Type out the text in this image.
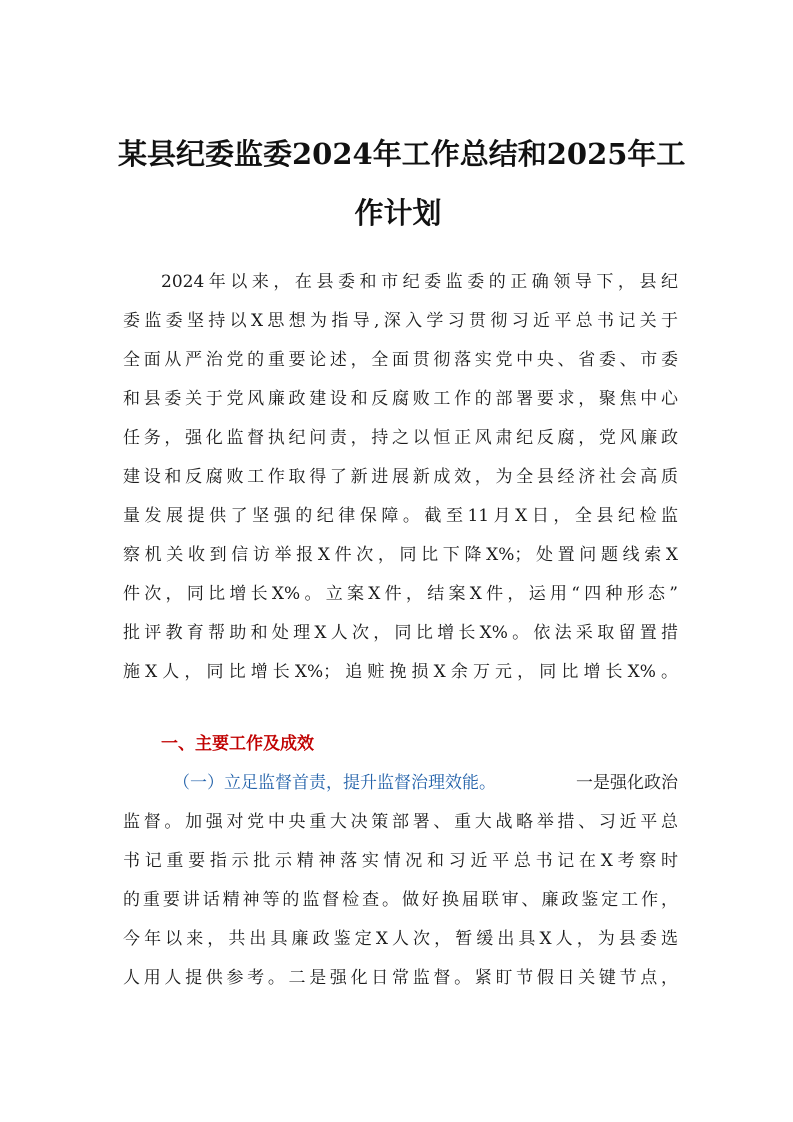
某县纪委监委2024年工作总结和2025年工
作计划

2024年以来，在县委和市纪委监委的正确领导下，县纪

委监委坚持以X思想为指导,深入学习贯彻习近平总书记关于

全面从严治党的重要论述，全面贯彻落实党中央、省委、市委

和县委关于党风廉政建设和反腐败工作的部署要求，聚焦中心

任务，强化监督执纪问责，持之以恒正风肃纪反腐，党风廉政

建设和反腐败工作取得了新进展新成效，为全县经济社会高质

量发展提供了坚强的纪律保障。截至11月X日，全县纪检监

察机关收到信访举报X件次，同比下降X%；处置问题线索X

件次，同比增长X%。立案X件，结案X件，运用“四种形态”

批评教育帮助和处理X人次，同比增长X%。依法采取留置措

施X人，同比增长X%；追赃挽损X余万元，同比增长X%。

一、主要工作及成效

（一）立足监督首责，提升监督治理效能。	一是强化政治

监督。加强对党中央重大决策部署、重大战略举措、习近平总

书记重要指示批示精神落实情况和习近平总书记在X考察时

的重要讲话精神等的监督检查。做好换届联审、廉政鉴定工作，

今年以来，共出具廉政鉴定X人次，暂缓出具X人，为县委选

人用人提供参考。二是强化日常监督。紧盯节假日关键节点，
